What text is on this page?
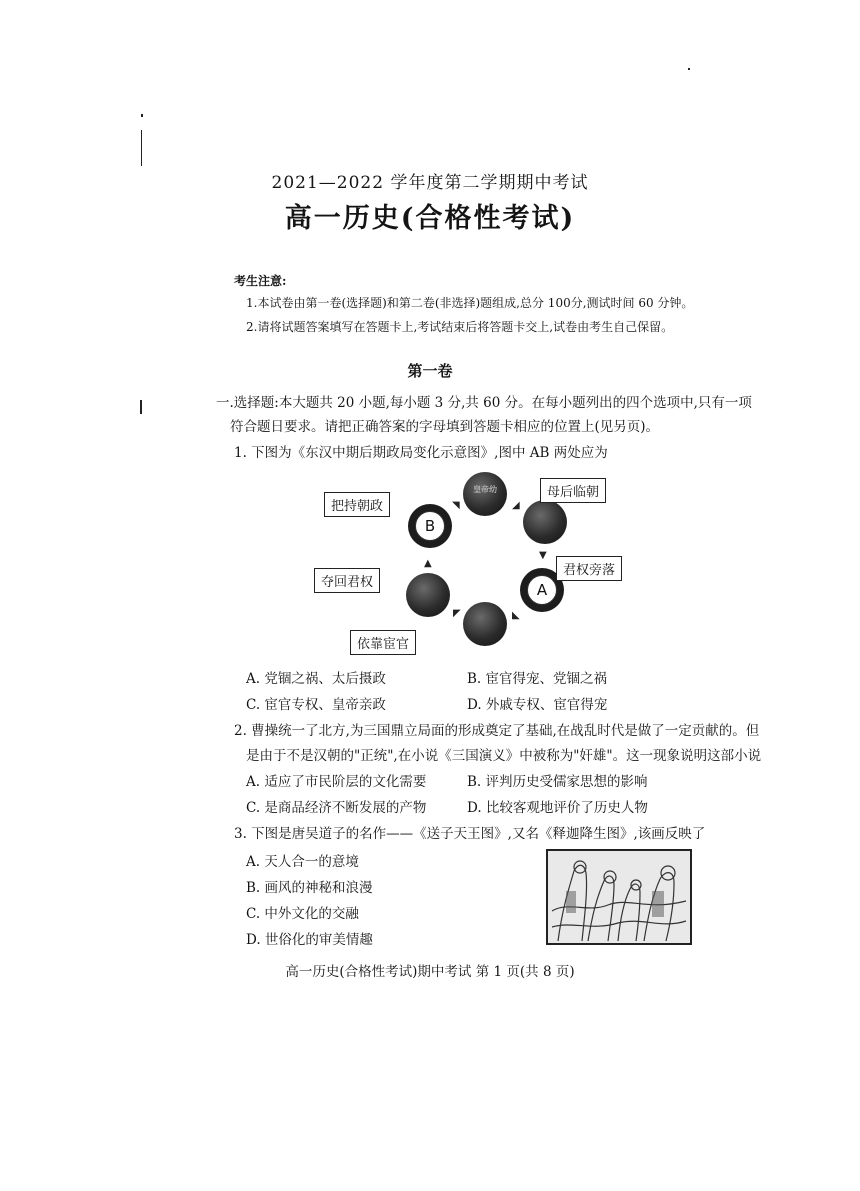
2021—2022 学年度第二学期期中考试
高一历史(合格性考试)
考生注意:
1.本试卷由第一卷(选择题)和第二卷(非选择)题组成,总分 100分,测试时间 60 分钟。
2.请将试题答案填写在答题卡上,考试结束后将答题卡交上,试卷由考生自己保留。
第一卷
一.选择题:本大题共 20 小题,每小题 3 分,共 60 分。在每小题列出的四个选项中,只有一项
符合题日要求。请把正确答案的字母填到答题卡相应的位置上(见另页)。
1. 下图为《东汉中期后期政局变化示意图》,图中 AB 两处应为
皇帝幼
A
B
◢
▼
◣
◤
▲
◥
把持朝政
母后临朝
君权旁落
夺回君权
依靠宦官
A. 党锢之祸、太后摄政	B. 宦官得宠、党锢之祸
C. 宦官专权、皇帝亲政	D. 外戚专权、宦官得宠
2. 曹操统一了北方,为三国鼎立局面的形成奠定了基础,在战乱时代是做了一定贡献的。但
是由于不是汉朝的"正统",在小说《三国演义》中被称为"奸雄"。这一现象说明这部小说
A. 适应了市民阶层的文化需要	B. 评判历史受儒家思想的影响
C. 是商品经济不断发展的产物	D. 比较客观地评价了历史人物
3. 下图是唐吴道子的名作——《送子天王图》,又名《释迦降生图》,该画反映了
A. 天人合一的意境
B. 画风的神秘和浪漫
C. 中外文化的交融
D. 世俗化的审美情趣
高一历史(合格性考试)期中考试 第 1 页(共 8 页)
